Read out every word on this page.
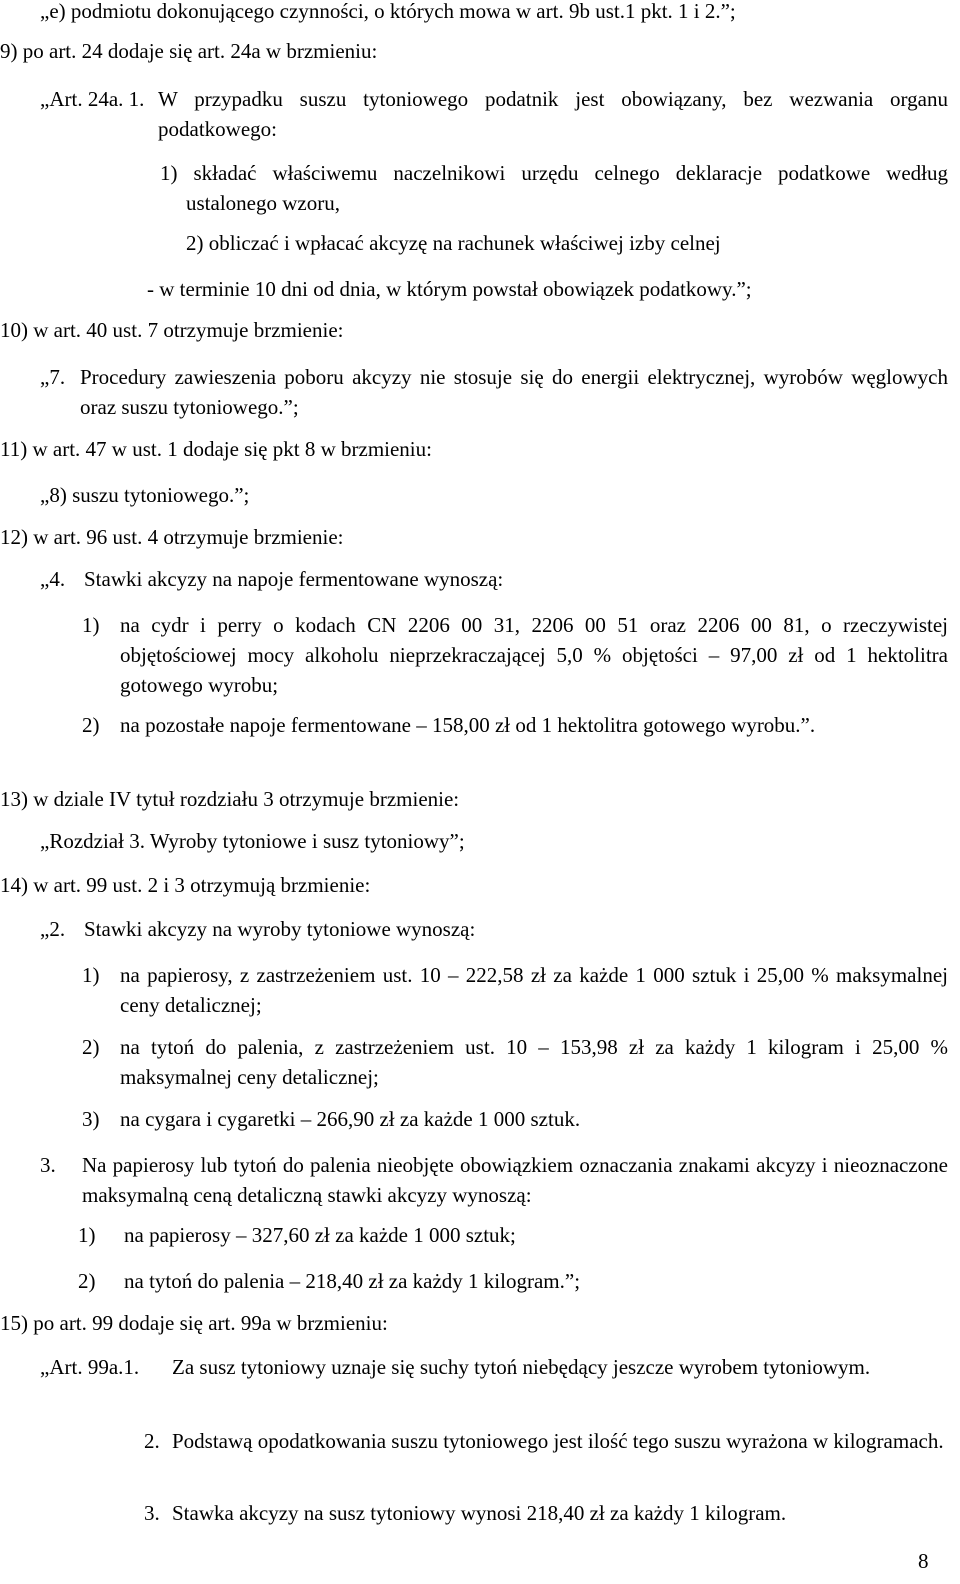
„e) podmiotu dokonującego czynności, o których mowa w art. 9b ust.1 pkt. 1 i 2.”;
9) po art. 24 dodaje się art. 24a w brzmieniu:
„Art. 24a. 1. W przypadku suszu tytoniowego podatnik jest obowiązany, bez wezwania organu podatkowego:
1) składać właściwemu naczelnikowi urzędu celnego deklaracje podatkowe według ustalonego wzoru,
2) obliczać i wpłacać akcyzę na rachunek właściwej izby celnej
- w terminie 10 dni od dnia, w którym powstał obowiązek podatkowy.”;
10) w art. 40 ust. 7 otrzymuje brzmienie:
„7. Procedury zawieszenia poboru akcyzy nie stosuje się do energii elektrycznej, wyrobów węglowych oraz suszu tytoniowego.”;
11) w art. 47 w ust. 1 dodaje się pkt 8 w brzmieniu:
„8) suszu tytoniowego.”;
12) w art. 96 ust. 4 otrzymuje brzmienie:
„4. Stawki akcyzy na napoje fermentowane wynoszą:
1) na cydr i perry o kodach CN 2206 00 31, 2206 00 51 oraz 2206 00 81, o rzeczywistej objętościowej mocy alkoholu nieprzekraczającej 5,0 % objętości – 97,00 zł od 1 hektolitra gotowego wyrobu;
2) na pozostałe napoje fermentowane – 158,00 zł od 1 hektolitra gotowego wyrobu.”.
13) w dziale IV tytuł rozdziału 3 otrzymuje brzmienie:
„Rozdział 3. Wyroby tytoniowe i susz tytoniowy”;
14) w art. 99 ust. 2 i 3 otrzymują brzmienie:
„2. Stawki akcyzy na wyroby tytoniowe wynoszą:
1) na papierosy, z zastrzeżeniem ust. 10 – 222,58 zł za każde 1 000 sztuk i 25,00 % maksymalnej ceny detalicznej;
2) na tytoń do palenia, z zastrzeżeniem ust. 10 – 153,98 zł za każdy 1 kilogram i 25,00 % maksymalnej ceny detalicznej;
3) na cygara i cygaretki – 266,90 zł za każde 1 000 sztuk.
3. Na papierosy lub tytoń do palenia nieobjęte obowiązkiem oznaczania znakami akcyzy i nieoznaczone maksymalną ceną detaliczną stawki akcyzy wynoszą:
1) na papierosy – 327,60 zł za każde 1 000 sztuk;
2) na tytoń do palenia – 218,40 zł za każdy 1 kilogram.”;
15) po art. 99 dodaje się art. 99a w brzmieniu:
„Art. 99a.1. Za susz tytoniowy uznaje się suchy tytoń niebędący jeszcze wyrobem tytoniowym.
2. Podstawą opodatkowania suszu tytoniowego jest ilość tego suszu wyrażona w kilogramach.
3. Stawka akcyzy na susz tytoniowy wynosi 218,40 zł za każdy 1 kilogram.
8
